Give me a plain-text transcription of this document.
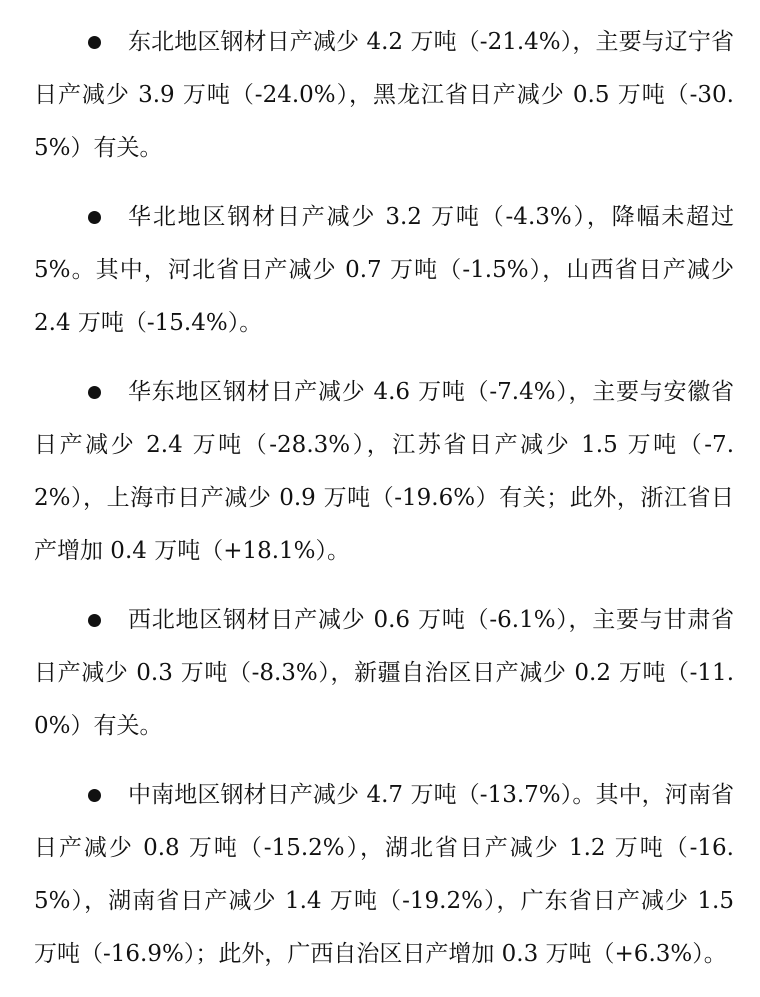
东北地区钢材日产减少 4.2 万吨（-21.4%），主要与辽宁省日产减少 3.9 万吨（-24.0%），黑龙江省日产减少 0.5 万吨（-30.5%）有关。

华北地区钢材日产减少 3.2 万吨（-4.3%），降幅未超过 5%。其中，河北省日产减少 0.7 万吨（-1.5%），山西省日产减少 2.4 万吨（-15.4%）。

华东地区钢材日产减少 4.6 万吨（-7.4%），主要与安徽省日产减少 2.4 万吨（-28.3%），江苏省日产减少 1.5 万吨（-7.2%），上海市日产减少 0.9 万吨（-19.6%）有关；此外，浙江省日产增加 0.4 万吨（+18.1%）。

西北地区钢材日产减少 0.6 万吨（-6.1%），主要与甘肃省日产减少 0.3 万吨（-8.3%），新疆自治区日产减少 0.2 万吨（-11.0%）有关。

中南地区钢材日产减少 4.7 万吨（-13.7%）。其中，河南省日产减少 0.8 万吨（-15.2%），湖北省日产减少 1.2 万吨（-16.5%），湖南省日产减少 1.4 万吨（-19.2%），广东省日产减少 1.5 万吨（-16.9%）；此外，广西自治区日产增加 0.3 万吨（+6.3%）。
